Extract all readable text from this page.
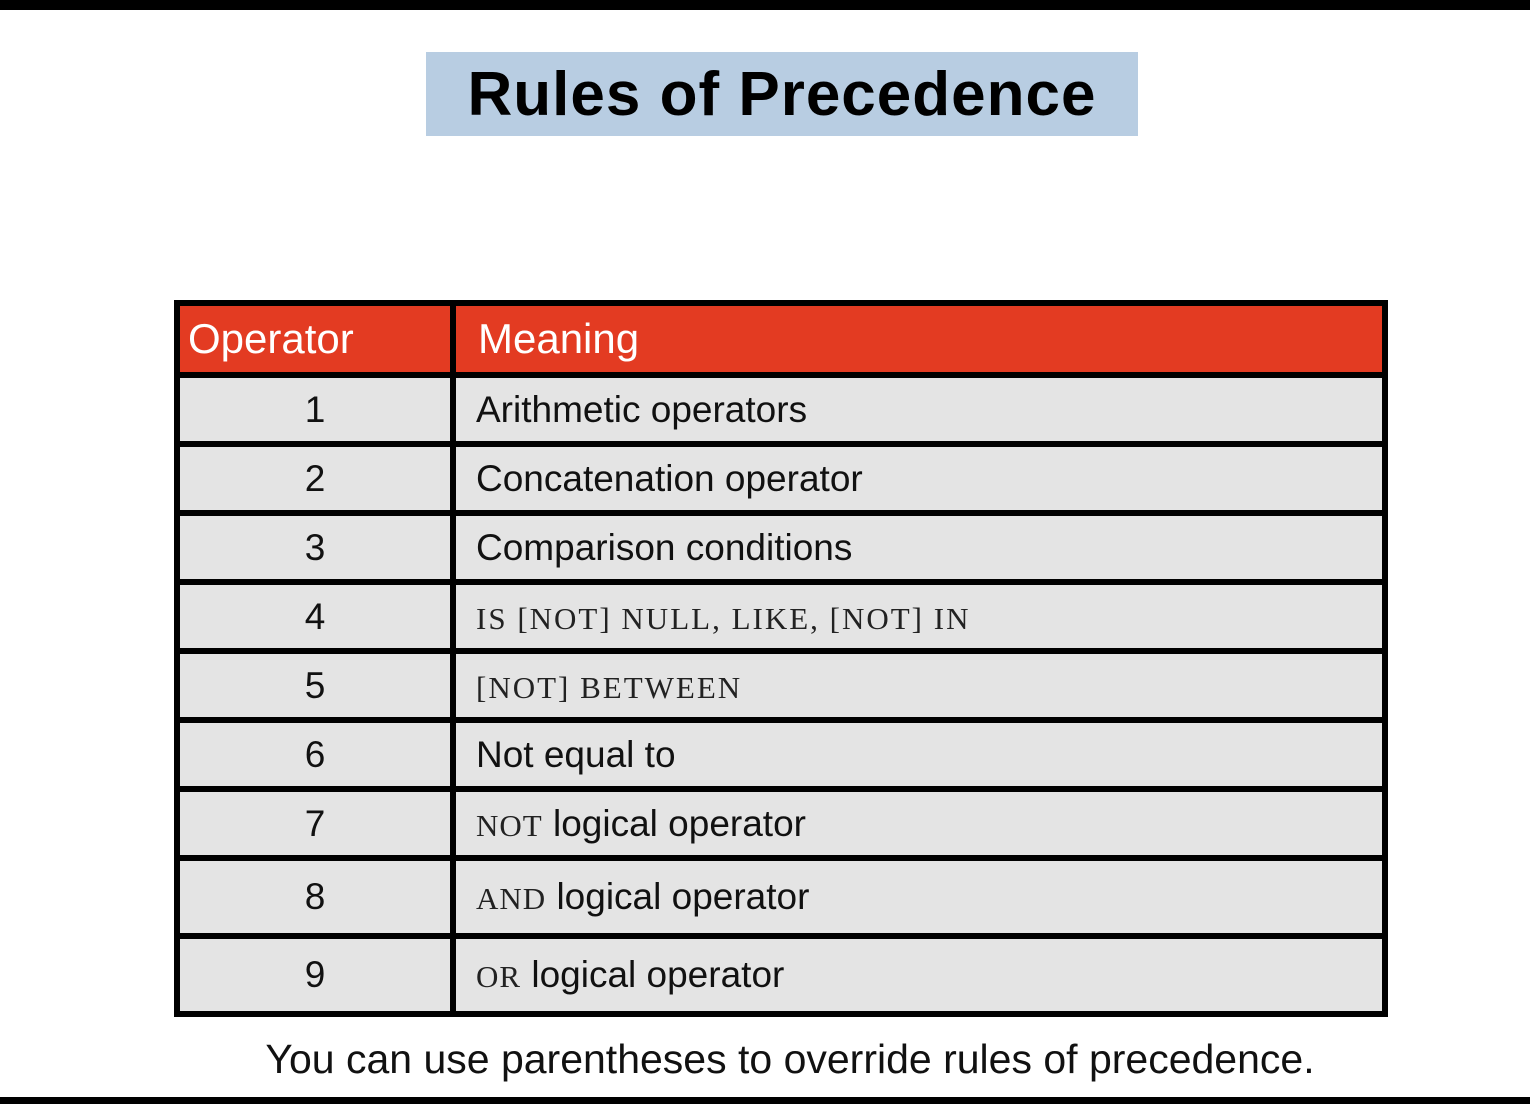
Rules of Precedence
Operator	Meaning
1	Arithmetic operators
2	Concatenation operator
3	Comparison conditions
4	IS [NOT] NULL, LIKE, [NOT] IN
5	[NOT] BETWEEN
6	Not equal to
7	NOT logical operator
8	AND logical operator
9	OR logical operator
You can use parentheses to override rules of precedence.
